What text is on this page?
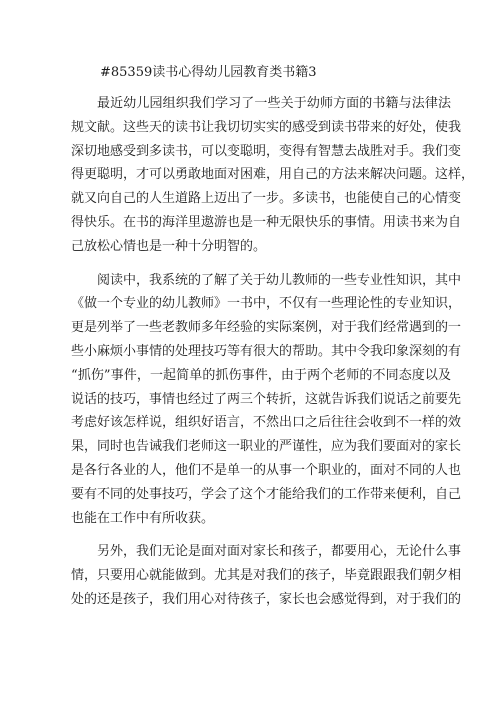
#85359读书心得幼儿园教育类书籍3

最近幼儿园组织我们学习了一些关于幼师方面的书籍与法律法
规文献。这些天的读书让我切切实实的感受到读书带来的好处，使我
深切地感受到多读书，可以变聪明，变得有智慧去战胜对手。我们变
得更聪明，才可以勇敢地面对困难，用自己的方法来解决问题。这样，
就又向自己的人生道路上迈出了一步。多读书，也能使自己的心情变
得快乐。在书的海洋里遨游也是一种无限快乐的事情。用读书来为自
己放松心情也是一种十分明智的。

阅读中，我系统的了解了关于幼儿教师的一些专业性知识，其中
《做一个专业的幼儿教师》一书中，不仅有一些理论性的专业知识，
更是列举了一些老教师多年经验的实际案例，对于我们经常遇到的一
些小麻烦小事情的处理技巧等有很大的帮助。其中令我印象深刻的有
“抓伤”事件，一起简单的抓伤事件，由于两个老师的不同态度以及
说话的技巧，事情也经过了两三个转折，这就告诉我们说话之前要先
考虑好该怎样说，组织好语言，不然出口之后往往会收到不一样的效
果，同时也告诫我们老师这一职业的严谨性，应为我们要面对的家长
是各行各业的人，他们不是单一的从事一个职业的，面对不同的人也
要有不同的处事技巧，学会了这个才能给我们的工作带来便利，自己
也能在工作中有所收获。

另外，我们无论是面对面对家长和孩子，都要用心，无论什么事
情，只要用心就能做到。尤其是对我们的孩子，毕竟跟跟我们朝夕相
处的还是孩子，我们用心对待孩子，家长也会感觉得到，对于我们的
